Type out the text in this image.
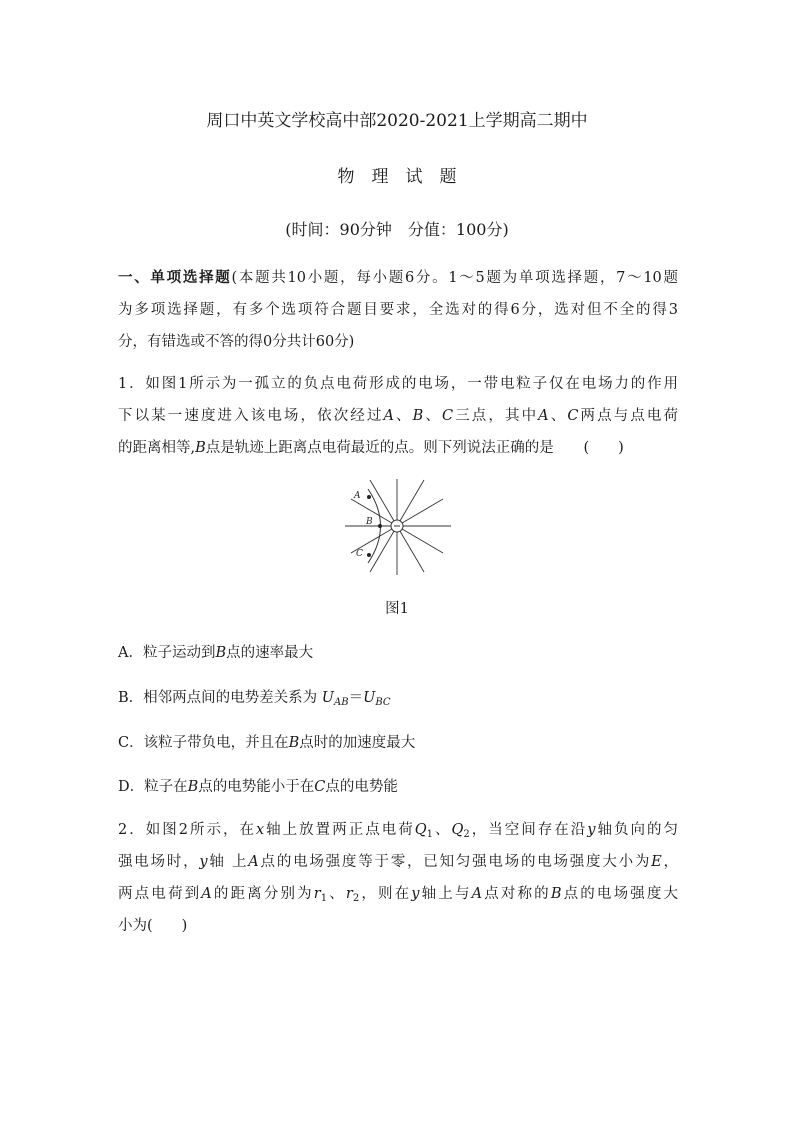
周口中英文学校高中部2020-2021上学期高二期中
物　理　试　题
(时间：90分钟　分值：100分)
一、单项选择题(本题共10小题，每小题6分。1～5题为单项选择题，7～10题
为多项选择题，有多个选项符合题目要求，全选对的得6分，选对但不全的得3
分，有错选或不答的得0分共计60分)
1．如图1所示为一孤立的负点电荷形成的电场，一带电粒子仅在电场力的作用
下以某一速度进入该电场，依次经过A、B、C三点，其中A、C两点与点电荷
的距离相等,B点是轨迹上距离点电荷最近的点。则下列说法正确的是 (　　)
A
B
C
图1
A．粒子运动到B点的速率最大
B．相邻两点间的电势差关系为 $U_{AB}=U_{BC}$
C．该粒子带负电，并且在B点时的加速度最大
D．粒子在B点的电势能小于在C点的电势能
2．如图2所示，在x轴上放置两正点电荷$Q_1$、$Q_2$，当空间存在沿y轴负向的匀
强电场时，y轴 上A点的电场强度等于零，已知匀强电场的电场强度大小为E，
两点电荷到A的距离分别为$r_1$、$r_2$，则在y轴上与A点对称的B点的电场强度大
小为(　　)
